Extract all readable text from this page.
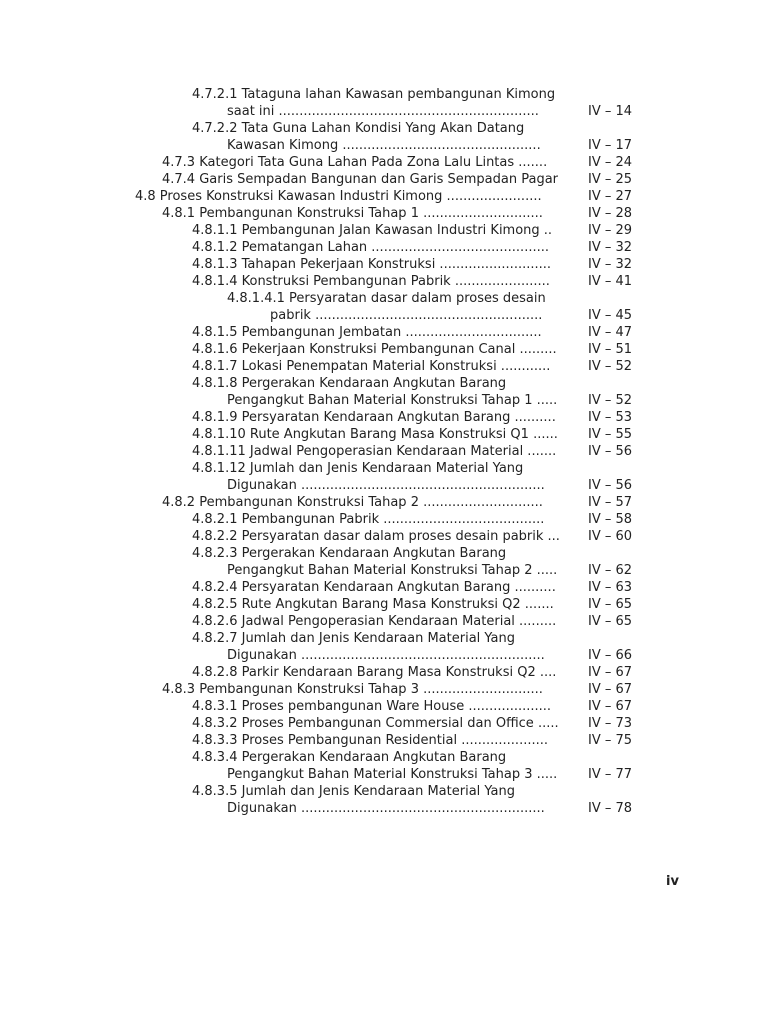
4.7.2.1 Tataguna lahan Kawasan pembangunan Kimong
saat ini ...............................................................	IV – 14
4.7.2.2 Tata Guna Lahan Kondisi Yang Akan Datang
Kawasan Kimong ................................................	IV – 17
4.7.3 Kategori Tata Guna Lahan Pada Zona Lalu Lintas .......	IV – 24
4.7.4 Garis Sempadan Bangunan dan Garis Sempadan Pagar	IV – 25
4.8 Proses Konstruksi Kawasan Industri Kimong .......................	IV – 27
4.8.1 Pembangunan Konstruksi Tahap 1 .............................	IV – 28
4.8.1.1 Pembangunan Jalan Kawasan Industri Kimong ..	IV – 29
4.8.1.2 Pematangan Lahan ...........................................	IV – 32
4.8.1.3 Tahapan Pekerjaan Konstruksi ...........................	IV – 32
4.8.1.4 Konstruksi Pembangunan Pabrik .......................	IV – 41
4.8.1.4.1 Persyaratan dasar dalam proses desain
pabrik .......................................................	IV – 45
4.8.1.5 Pembangunan Jembatan .................................	IV – 47
4.8.1.6 Pekerjaan Konstruksi Pembangunan Canal .........	IV – 51
4.8.1.7 Lokasi Penempatan Material Konstruksi ............	IV – 52
4.8.1.8 Pergerakan Kendaraan Angkutan Barang
Pengangkut Bahan Material Konstruksi Tahap 1 .....	IV – 52
4.8.1.9 Persyaratan Kendaraan Angkutan Barang ..........	IV – 53
4.8.1.10 Rute Angkutan Barang Masa Konstruksi Q1 ......	IV – 55
4.8.1.11 Jadwal Pengoperasian Kendaraan Material .......	IV – 56
4.8.1.12 Jumlah dan Jenis Kendaraan Material Yang
Digunakan ...........................................................	IV – 56
4.8.2 Pembangunan Konstruksi Tahap 2 .............................	IV – 57
4.8.2.1 Pembangunan Pabrik .......................................	IV – 58
4.8.2.2 Persyaratan dasar dalam proses desain pabrik ...	IV – 60
4.8.2.3 Pergerakan Kendaraan Angkutan Barang
Pengangkut Bahan Material Konstruksi Tahap 2 .....	IV – 62
4.8.2.4 Persyaratan Kendaraan Angkutan Barang ..........	IV – 63
4.8.2.5 Rute Angkutan Barang Masa Konstruksi Q2 .......	IV – 65
4.8.2.6 Jadwal Pengoperasian Kendaraan Material .........	IV – 65
4.8.2.7 Jumlah dan Jenis Kendaraan Material Yang
Digunakan ...........................................................	IV – 66
4.8.2.8 Parkir Kendaraan Barang Masa Konstruksi Q2 ....	IV – 67
4.8.3 Pembangunan Konstruksi Tahap 3 .............................	IV – 67
4.8.3.1 Proses pembangunan Ware House ....................	IV – 67
4.8.3.2 Proses Pembangunan Commersial dan Office .....	IV – 73
4.8.3.3 Proses Pembangunan Residential .....................	IV – 75
4.8.3.4 Pergerakan Kendaraan Angkutan Barang
Pengangkut Bahan Material Konstruksi Tahap 3 .....	IV – 77
4.8.3.5 Jumlah dan Jenis Kendaraan Material Yang
Digunakan ...........................................................	IV – 78
iv
